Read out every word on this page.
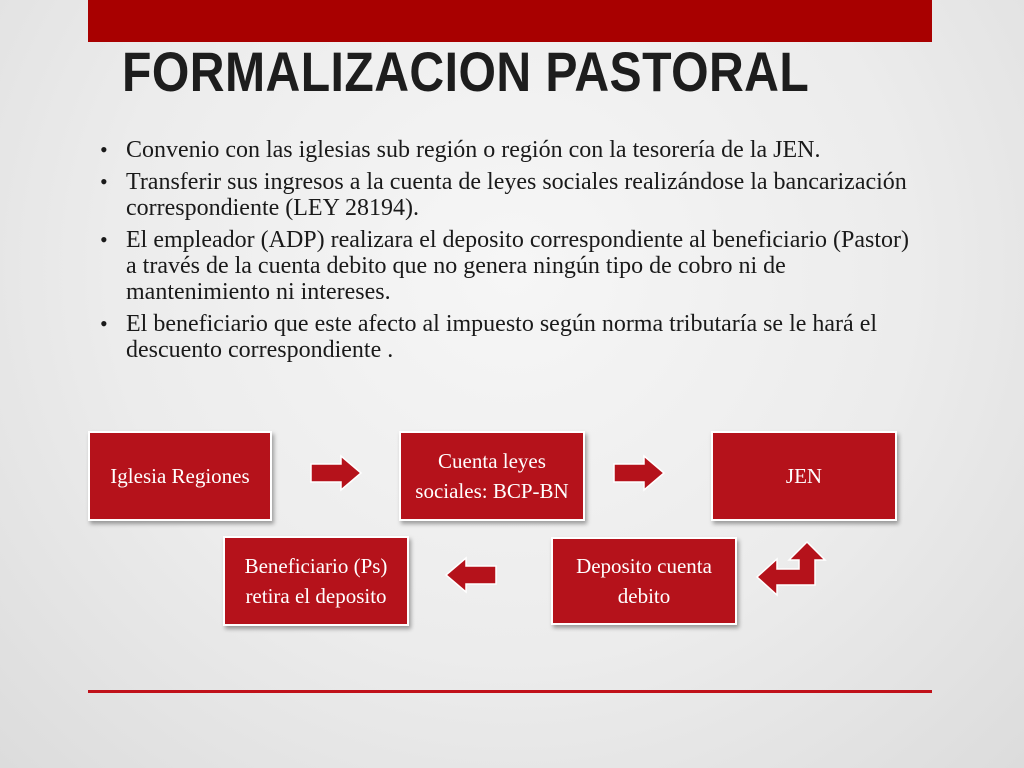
FORMALIZACION PASTORAL
• Convenio con las iglesias sub región o región con la tesorería de la JEN.
• Transferir sus ingresos a la cuenta de leyes sociales realizándose la bancarización correspondiente (LEY 28194).
• El empleador (ADP) realizara el deposito correspondiente al beneficiario (Pastor) a través de la cuenta debito que no genera ningún tipo de cobro ni de mantenimiento ni intereses.
• El beneficiario que este afecto al impuesto según norma tributaría se le hará el descuento correspondiente .
Iglesia Regiones
Cuenta leyes sociales: BCP-BN
JEN
Deposito cuenta debito
Beneficiario (Ps) retira el deposito
